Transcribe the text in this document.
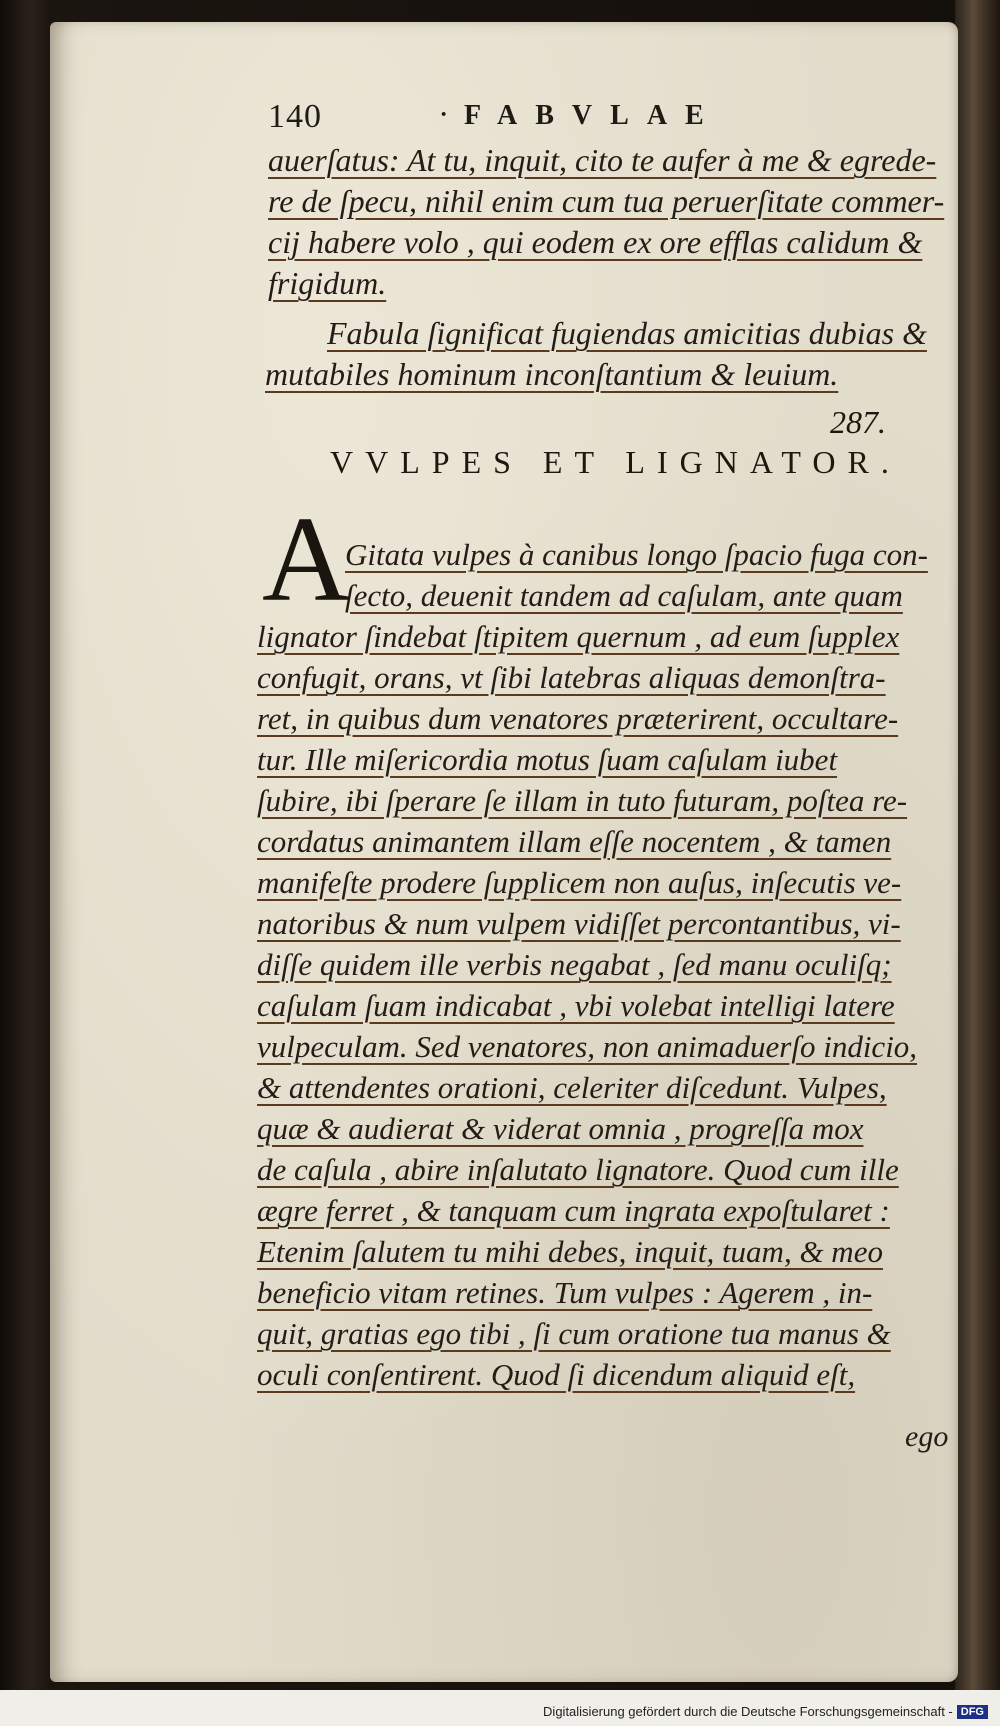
140	· FABVLAE
auerſatus: At tu, inquit, cito te aufer à me & egrede-
re de ſpecu, nihil enim cum tua peruerſitate commer-
cij habere volo , qui eodem ex ore efflas calidum &
frigidum.
Fabula ſignificat fugiendas amicitias dubias &
mutabiles hominum inconſtantium & leuium.
287.
VVLPES ET LIGNATOR.
A
Gitata vulpes à canibus longo ſpacio fuga con-
ſecto, deuenit tandem ad caſulam, ante quam
lignator ſindebat ſtipitem quernum , ad eum ſupplex
confugit, orans, vt ſibi latebras aliquas demonſtra-
ret, in quibus dum venatores præterirent, occultare-
tur. Ille miſericordia motus ſuam caſulam iubet
ſubire, ibi ſperare ſe illam in tuto futuram, poſtea re-
cordatus animantem illam eſſe nocentem , & tamen
manifeſte prodere ſupplicem non auſus, inſecutis ve-
natoribus & num vulpem vidiſſet percontantibus, vi-
diſſe quidem ille verbis negabat , ſed manu oculiſq;
caſulam ſuam indicabat , vbi volebat intelligi latere
vulpeculam. Sed venatores, non animaduerſo indicio,
& attendentes orationi, celeriter diſcedunt. Vulpes,
quæ & audierat & viderat omnia , progreſſa mox
de caſula , abire inſalutato lignatore. Quod cum ille
ægre ferret , & tanquam cum ingrata expoſtularet :
Etenim ſalutem tu mihi debes, inquit, tuam, & meo
beneficio vitam retines. Tum vulpes : Agerem , in-
quit, gratias ego tibi , ſi cum oratione tua manus &
oculi conſentirent. Quod ſi dicendum aliquid eſt,
ego
Digitalisierung gefördert durch die Deutsche Forschungsgemeinschaft - DFG
